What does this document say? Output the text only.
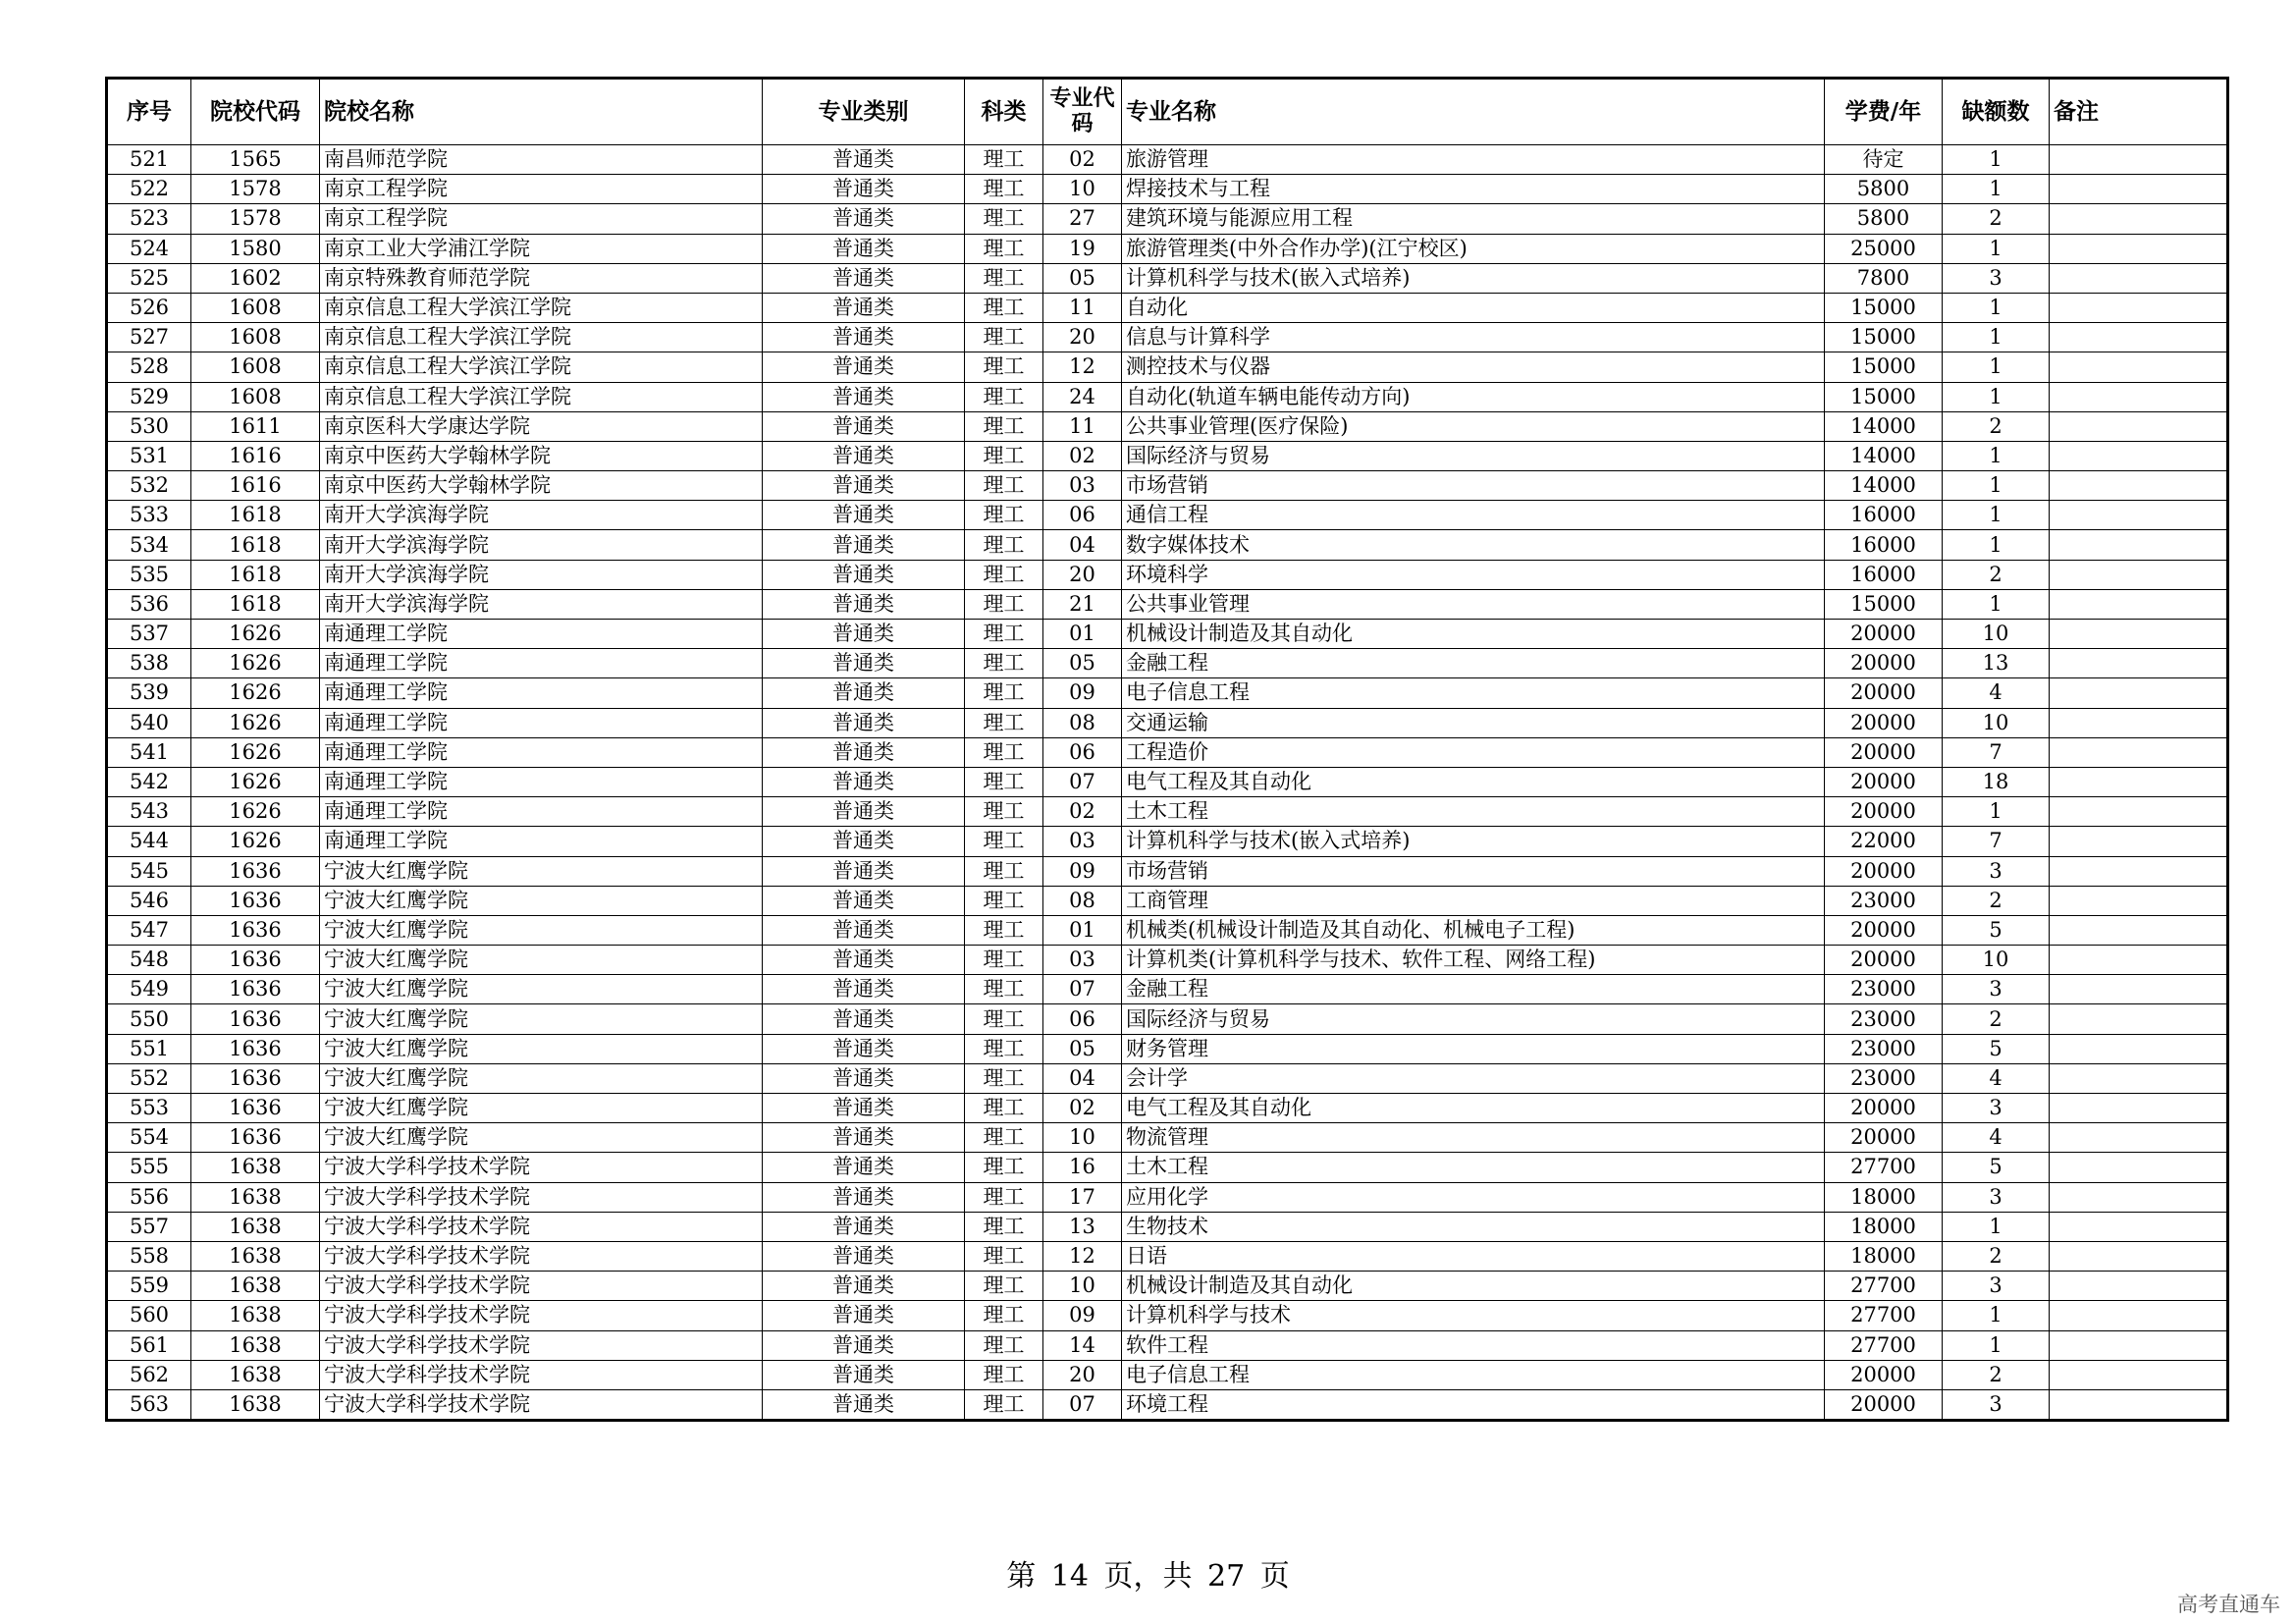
序号	院校代码	院校名称	专业类别	科类	专业代码	专业名称	学费/年	缺额数	备注
521	1565	南昌师范学院	普通类	理工	02	旅游管理	待定	1	
522	1578	南京工程学院	普通类	理工	10	焊接技术与工程	5800	1	
523	1578	南京工程学院	普通类	理工	27	建筑环境与能源应用工程	5800	2	
524	1580	南京工业大学浦江学院	普通类	理工	19	旅游管理类(中外合作办学)(江宁校区)	25000	1	
525	1602	南京特殊教育师范学院	普通类	理工	05	计算机科学与技术(嵌入式培养)	7800	3	
526	1608	南京信息工程大学滨江学院	普通类	理工	11	自动化	15000	1	
527	1608	南京信息工程大学滨江学院	普通类	理工	20	信息与计算科学	15000	1	
528	1608	南京信息工程大学滨江学院	普通类	理工	12	测控技术与仪器	15000	1	
529	1608	南京信息工程大学滨江学院	普通类	理工	24	自动化(轨道车辆电能传动方向)	15000	1	
530	1611	南京医科大学康达学院	普通类	理工	11	公共事业管理(医疗保险)	14000	2	
531	1616	南京中医药大学翰林学院	普通类	理工	02	国际经济与贸易	14000	1	
532	1616	南京中医药大学翰林学院	普通类	理工	03	市场营销	14000	1	
533	1618	南开大学滨海学院	普通类	理工	06	通信工程	16000	1	
534	1618	南开大学滨海学院	普通类	理工	04	数字媒体技术	16000	1	
535	1618	南开大学滨海学院	普通类	理工	20	环境科学	16000	2	
536	1618	南开大学滨海学院	普通类	理工	21	公共事业管理	15000	1	
537	1626	南通理工学院	普通类	理工	01	机械设计制造及其自动化	20000	10	
538	1626	南通理工学院	普通类	理工	05	金融工程	20000	13	
539	1626	南通理工学院	普通类	理工	09	电子信息工程	20000	4	
540	1626	南通理工学院	普通类	理工	08	交通运输	20000	10	
541	1626	南通理工学院	普通类	理工	06	工程造价	20000	7	
542	1626	南通理工学院	普通类	理工	07	电气工程及其自动化	20000	18	
543	1626	南通理工学院	普通类	理工	02	土木工程	20000	1	
544	1626	南通理工学院	普通类	理工	03	计算机科学与技术(嵌入式培养)	22000	7	
545	1636	宁波大红鹰学院	普通类	理工	09	市场营销	20000	3	
546	1636	宁波大红鹰学院	普通类	理工	08	工商管理	23000	2	
547	1636	宁波大红鹰学院	普通类	理工	01	机械类(机械设计制造及其自动化、机械电子工程)	20000	5	
548	1636	宁波大红鹰学院	普通类	理工	03	计算机类(计算机科学与技术、软件工程、网络工程)	20000	10	
549	1636	宁波大红鹰学院	普通类	理工	07	金融工程	23000	3	
550	1636	宁波大红鹰学院	普通类	理工	06	国际经济与贸易	23000	2	
551	1636	宁波大红鹰学院	普通类	理工	05	财务管理	23000	5	
552	1636	宁波大红鹰学院	普通类	理工	04	会计学	23000	4	
553	1636	宁波大红鹰学院	普通类	理工	02	电气工程及其自动化	20000	3	
554	1636	宁波大红鹰学院	普通类	理工	10	物流管理	20000	4	
555	1638	宁波大学科学技术学院	普通类	理工	16	土木工程	27700	5	
556	1638	宁波大学科学技术学院	普通类	理工	17	应用化学	18000	3	
557	1638	宁波大学科学技术学院	普通类	理工	13	生物技术	18000	1	
558	1638	宁波大学科学技术学院	普通类	理工	12	日语	18000	2	
559	1638	宁波大学科学技术学院	普通类	理工	10	机械设计制造及其自动化	27700	3	
560	1638	宁波大学科学技术学院	普通类	理工	09	计算机科学与技术	27700	1	
561	1638	宁波大学科学技术学院	普通类	理工	14	软件工程	27700	1	
562	1638	宁波大学科学技术学院	普通类	理工	20	电子信息工程	20000	2	
563	1638	宁波大学科学技术学院	普通类	理工	07	环境工程	20000	3	
第 14 页，共 27 页
高考直通车
